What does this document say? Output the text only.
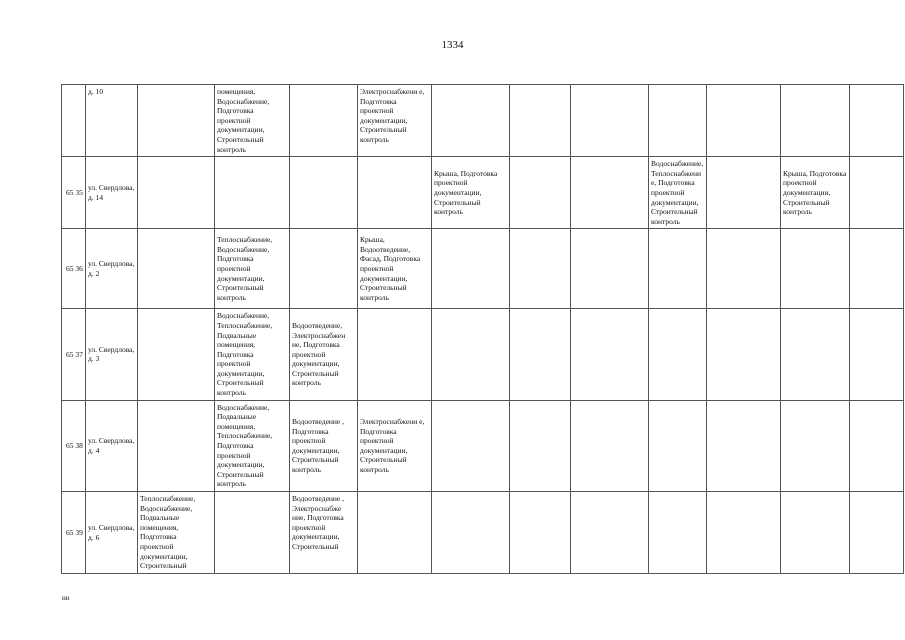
1334
	д. 10		помещения, Водоснабжение, Подготовка проектной документации, Строительный контроль		Электроснабжени е, Подготовка проектной документации, Строительный контроль							
65 35	ул. Свердлова, д. 14					Крыша, Подготовка проектной документации, Строительный контроль			Водоснабжение, Теплоснабжение, Подготовка проектной документации, Строительный контроль		Крыша, Подготовка проектной документации, Строительный контроль	
65 36	ул. Свердлова, д. 2		Теплоснабжение, Водоснабжение, Подготовка проектной документации, Строительный контроль		Крыша, Водоотведение, Фасад, Подготовка проектной документации, Строительный контроль							
65 37	ул. Свердлова, д. 3		Водоснабжение, Теплоснабжение, Подвальные помещения, Подготовка проектной документации, Строительный контроль	Водоотведение, Электроснабжен ие, Подготовка проектной документации, Строительный контроль								
65 38	ул. Свердлова, д. 4		Водоснабжение, Подвальные помещения, Теплоснабжение, Подготовка проектной документации, Строительный контроль	Водоотведение , Подготовка проектной документации, Строительный контроль	Электроснабжени е, Подготовка проектной документации, Строительный контроль							
65 39	ул. Свердлова, д. 6	Теплоснабжение, Водоснабжение, Подвальные помещения, Подготовка проектной документации, Строительный		Водоотведение , Электроснабже ние, Подготовка проектной документации, Строительный								
нн
